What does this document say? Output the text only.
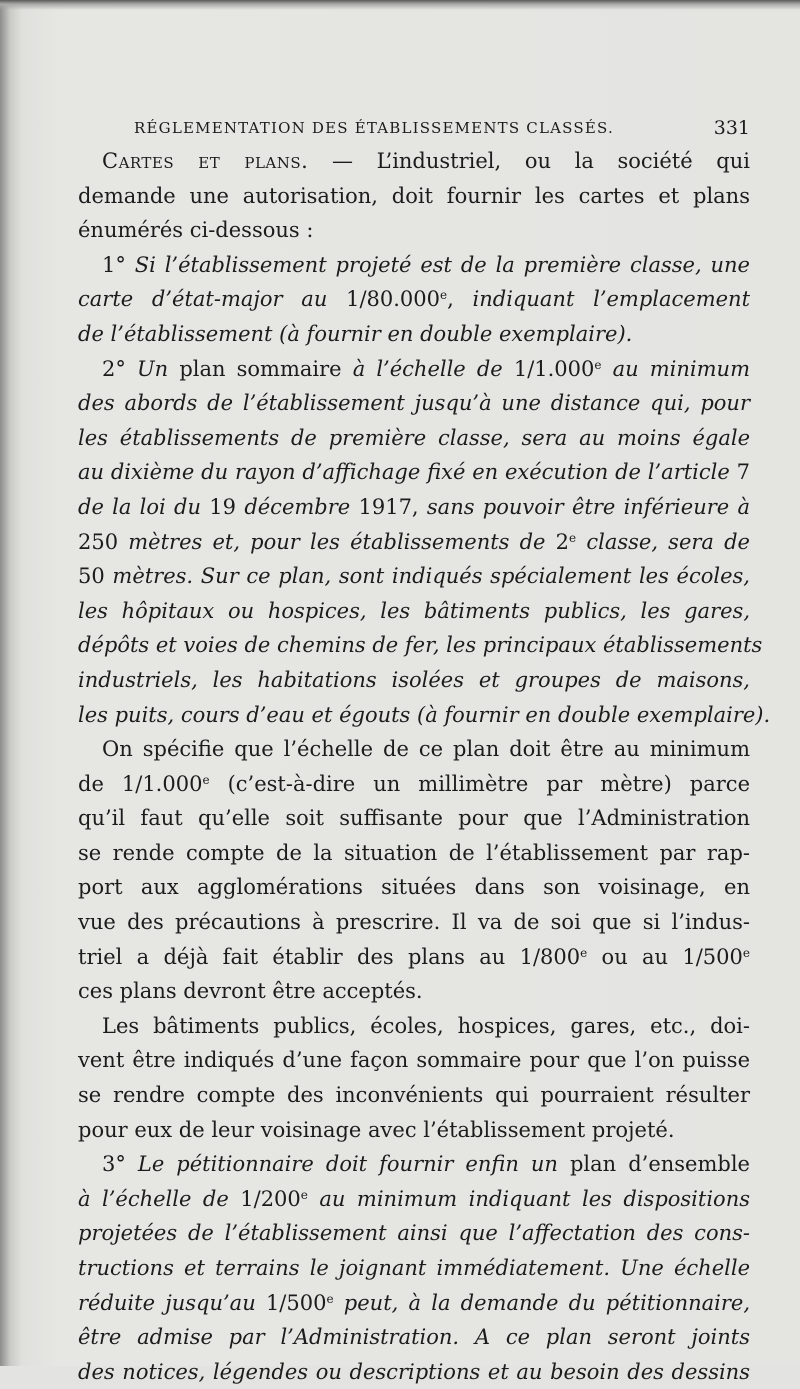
RÉGLEMENTATION DES ÉTABLISSEMENTS CLASSÉS.	331
Cartes et plans. — L’industriel, ou la société qui
demande une autorisation, doit fournir les cartes et plans
énumérés ci-dessous :
1° Si l’établissement projeté est de la première classe, une
carte d’état-major au 1/80.000e, indiquant l’emplacement
de l’établissement (à fournir en double exemplaire).
2° Un plan sommaire à l’échelle de 1/1.000e au minimum
des abords de l’établissement jusqu’à une distance qui, pour
les établissements de première classe, sera au moins égale
au dixième du rayon d’affichage fixé en exécution de l’article 7
de la loi du 19 décembre 1917, sans pouvoir être inférieure à
250 mètres et, pour les établissements de 2e classe, sera de
50 mètres. Sur ce plan, sont indiqués spécialement les écoles,
les hôpitaux ou hospices, les bâtiments publics, les gares,
dépôts et voies de chemins de fer, les principaux établissements
industriels, les habitations isolées et groupes de maisons,
les puits, cours d’eau et égouts (à fournir en double exemplaire).
On spécifie que l’échelle de ce plan doit être au minimum
de 1/1.000e (c’est-à-dire un millimètre par mètre) parce
qu’il faut qu’elle soit suffisante pour que l’Administration
se rende compte de la situation de l’établissement par rap-
port aux agglomérations situées dans son voisinage, en
vue des précautions à prescrire. Il va de soi que si l’indus-
triel a déjà fait établir des plans au 1/800e ou au 1/500e
ces plans devront être acceptés.
Les bâtiments publics, écoles, hospices, gares, etc., doi-
vent être indiqués d’une façon sommaire pour que l’on puisse
se rendre compte des inconvénients qui pourraient résulter
pour eux de leur voisinage avec l’établissement projeté.
3° Le pétitionnaire doit fournir enfin un plan d’ensemble
à l’échelle de 1/200e au minimum indiquant les dispositions
projetées de l’établissement ainsi que l’affectation des cons-
tructions et terrains le joignant immédiatement. Une échelle
réduite jusqu’au 1/500e peut, à la demande du pétitionnaire,
être admise par l’Administration. A ce plan seront joints
des notices, légendes ou descriptions et au besoin des dessins
